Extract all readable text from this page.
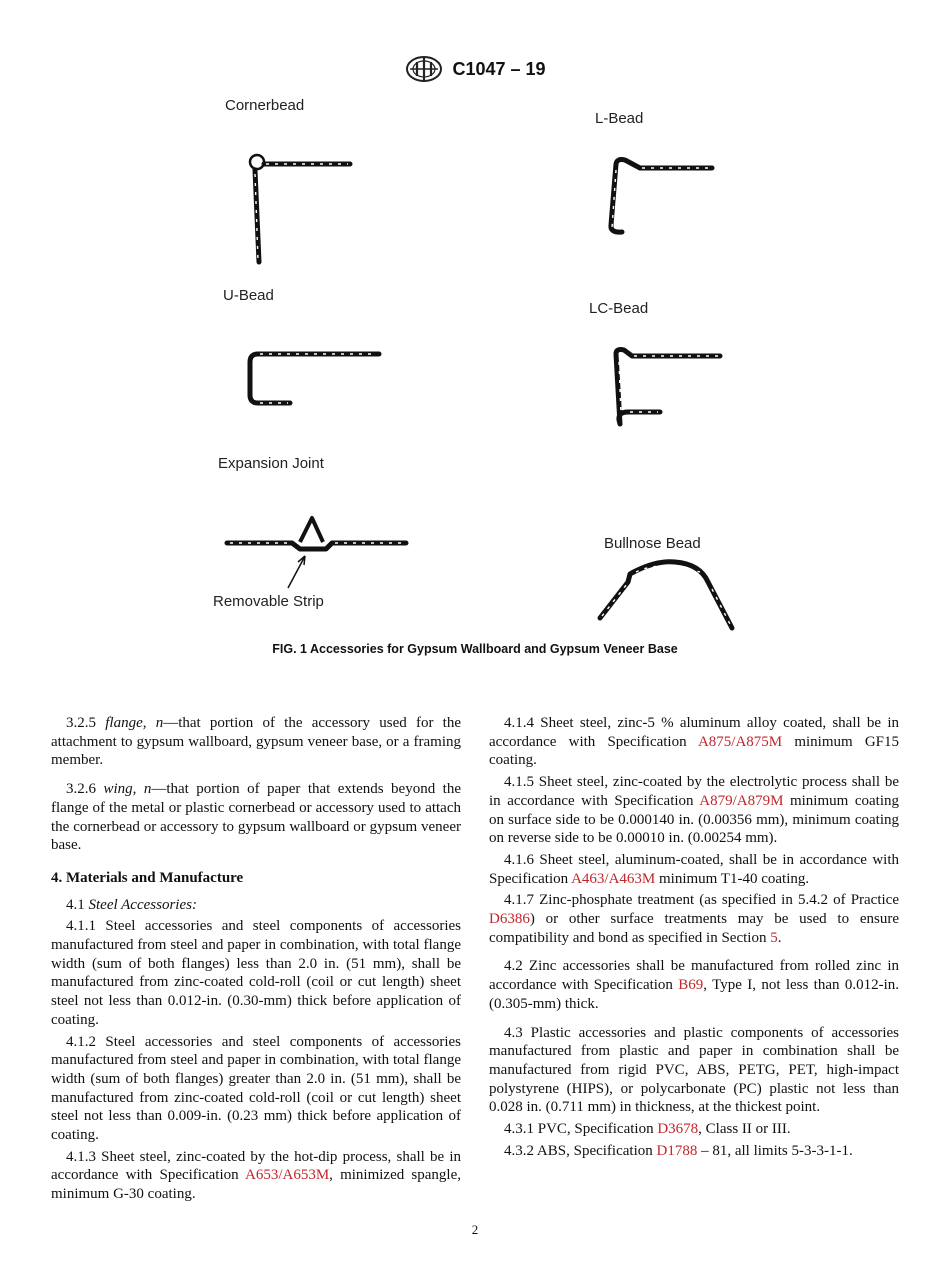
C1047 – 19
Cornerbead
L-Bead
U-Bead
LC-Bead
Expansion Joint
Removable Strip
Bullnose Bead
FIG. 1 Accessories for Gypsum Wallboard and Gypsum Veneer Base

3.2.5 flange, n—that portion of the accessory used for the attachment to gypsum wallboard, gypsum veneer base, or a framing member.

3.2.6 wing, n—that portion of paper that extends beyond the flange of the metal or plastic cornerbead or accessory used to attach the cornerbead or accessory to gypsum wallboard or gypsum veneer base.

4. Materials and Manufacture

4.1 Steel Accessories:

4.1.1 Steel accessories and steel components of accessories manufactured from steel and paper in combination, with total flange width (sum of both flanges) less than 2.0 in. (51 mm), shall be manufactured from zinc-coated cold-roll (coil or cut length) sheet steel not less than 0.012-in. (0.30-mm) thick before application of coating.

4.1.2 Steel accessories and steel components of accessories manufactured from steel and paper in combination, with total flange width (sum of both flanges) greater than 2.0 in. (51 mm), shall be manufactured from zinc-coated cold-roll (coil or cut length) sheet steel not less than 0.009-in. (0.23 mm) thick before application of coating.

4.1.3 Sheet steel, zinc-coated by the hot-dip process, shall be in accordance with Specification A653/A653M, minimized spangle, minimum G-30 coating.

4.1.4 Sheet steel, zinc-5 % aluminum alloy coated, shall be in accordance with Specification A875/A875M minimum GF15 coating.

4.1.5 Sheet steel, zinc-coated by the electrolytic process shall be in accordance with Specification A879/A879M minimum coating on surface side to be 0.000140 in. (0.00356 mm), minimum coating on reverse side to be 0.00010 in. (0.00254 mm).

4.1.6 Sheet steel, aluminum-coated, shall be in accordance with Specification A463/A463M minimum T1-40 coating.

4.1.7 Zinc-phosphate treatment (as specified in 5.4.2 of Practice D6386) or other surface treatments may be used to ensure compatibility and bond as specified in Section 5.

4.2 Zinc accessories shall be manufactured from rolled zinc in accordance with Specification B69, Type I, not less than 0.012-in. (0.305-mm) thick.

4.3 Plastic accessories and plastic components of accessories manufactured from plastic and paper in combination shall be manufactured from rigid PVC, ABS, PETG, PET, high-impact polystyrene (HIPS), or polycarbonate (PC) plastic not less than 0.028 in. (0.711 mm) in thickness, at the thickest point.

4.3.1 PVC, Specification D3678, Class II or III.

4.3.2 ABS, Specification D1788 – 81, all limits 5-3-3-1-1.

2
